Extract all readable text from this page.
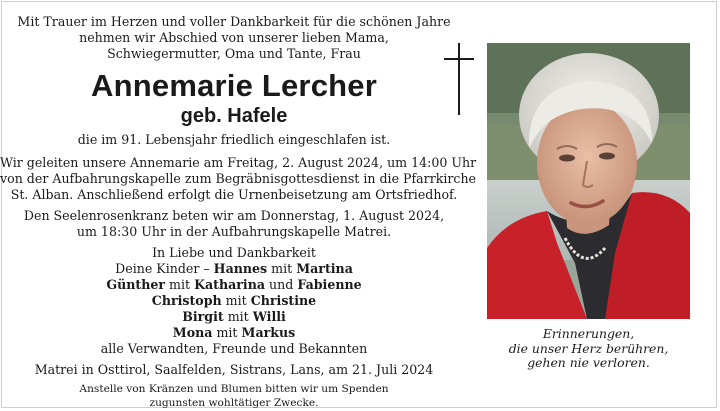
Mit Trauer im Herzen und voller Dankbarkeit für die schönen Jahre

nehmen wir Abschied von unserer lieben Mama,

Schwiegermutter, Oma und Tante, Frau

Annemarie Lercher
geb. Hafele

die im 91. Lebensjahr friedlich eingeschlafen ist.

Wir geleiten unsere Annemarie am Freitag, 2. August 2024, um 14:00 Uhr

von der Aufbahrungskapelle zum Begräbnisgottesdienst in die Pfarrkirche

St. Alban. Anschließend erfolgt die Urnenbeisetzung am Ortsfriedhof.

Den Seelenrosenkranz beten wir am Donnerstag, 1. August 2024,

um 18:30 Uhr in der Aufbahrungskapelle Matrei.

In Liebe und Dankbarkeit

Deine Kinder – Hannes mit Martina

Günther mit Katharina und Fabienne

Christoph mit Christine

Birgit mit Willi

Mona mit Markus

alle Verwandten, Freunde und Bekannten

Matrei in Osttirol, Saalfelden, Sistrans, Lans, am 21. Juli 2024

Anstelle von Kränzen und Blumen bitten wir um Spenden

zugunsten wohltätiger Zwecke.

Erinnerungen,
die unser Herz berühren,
gehen nie verloren.
